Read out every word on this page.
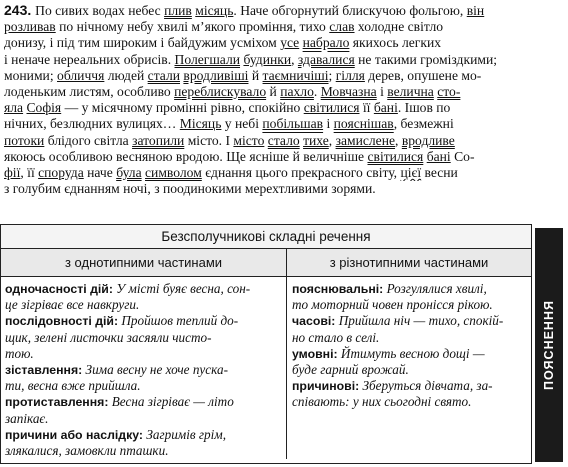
243. По сивих водах небес плив місяць. Наче обгорнутий блискучою фольгою, він
розливав по нічному небу хвилі м’якого проміння, тихо слав холодне світло
донизу, і під тим широким і байдужим усміхом усе набрало якихось легких
і неначе нереальних обрисів. Полегшали будинки, здавалися не такими громіздкими;
моними; обличчя людей стали вродливіші й таємничіші; гілля дерев, опушене мо-
лоденьким листям, особливо переблискувало й пахло. Мовчазна і велична сто-
яла Софія — у місячному промінні рівно, спокійно світилися її бані. Ішов по
нічних, безлюдних вулицях… Місяць у небі побільшав і пояснішав, безмежні
потоки блідого світла затопили місто. І місто стало тихе, замислене, вродливе
якоюсь особливою весняною вродою. Ще ясніше й величніше світилися бані Со-
фії, її споруда наче була символом єднання цього прекрасного світу, цієї весни
з голубим єднанням ночі, з поодинокими мерехтливими зорями.
Безсполучникові складні речення
з однотипними частинами	з різнотипними частинами
одночасності дій: У місті буяє весна, сон-
це зігріває все навкруги.
послідовності дій: Пройшов теплий до-
щик, зелені листочки засяяли чисто-
тою.
зіставлення: Зима весну не хоче пуска-
ти, весна вже прийшла.
протиставлення: Весна зігріває — літо
запікає.
причини або наслідку: Загримів грім,
злякалися, замовкли пташки.
пояснювальні: Розгулялися хвилі,
то моторний човен пронісся рікою.
часові: Прийшла ніч — тихо, спокій-
но стало в селі.
умовні: Йтимуть весною дощі —
буде гарний врожай.
причинові: Зберуться дівчата, за-
співають: у них сьогодні свято.
ПОЯСНЕННЯ
